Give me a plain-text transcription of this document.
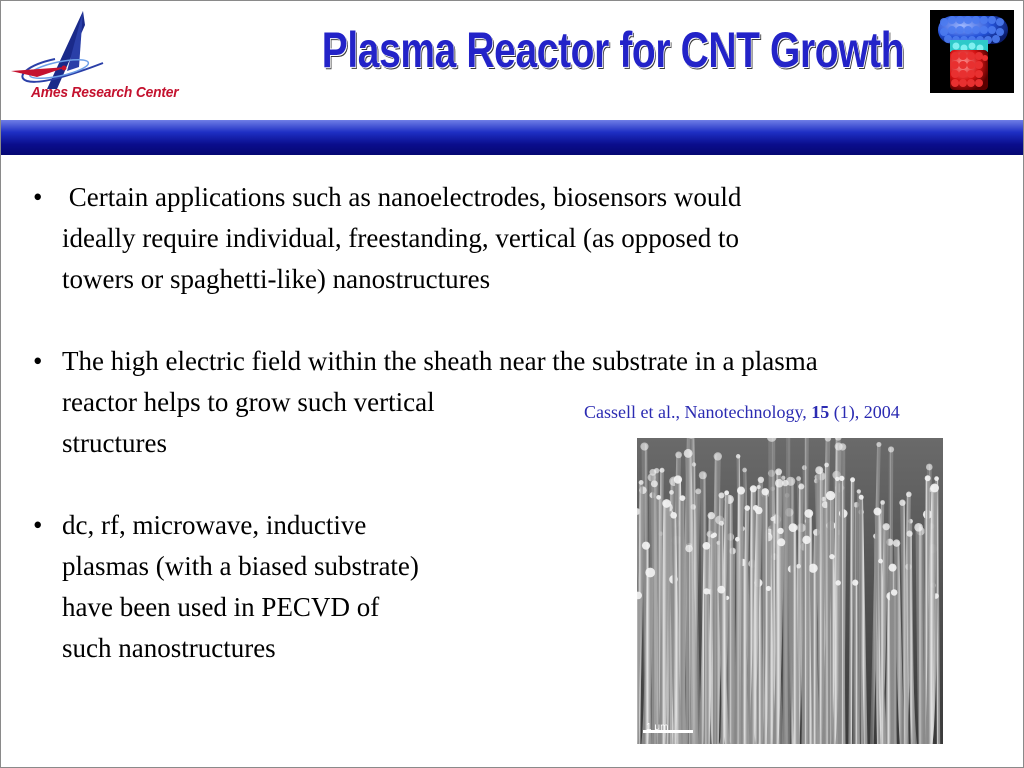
Ames Research Center
Plasma Reactor for CNT Growth
• Certain applications such as nanoelectrodes, biosensors would
ideally require individual, freestanding, vertical (as opposed to
towers or spaghetti-like) nanostructures
• The high electric field within the sheath near the substrate in a plasma
reactor helps to grow such vertical
structures
• dc, rf, microwave, inductive
plasmas (with a biased substrate)
have been used in PECVD of
such nanostructures
Cassell et al., Nanotechnology, 15 (1), 2004
1 μm
